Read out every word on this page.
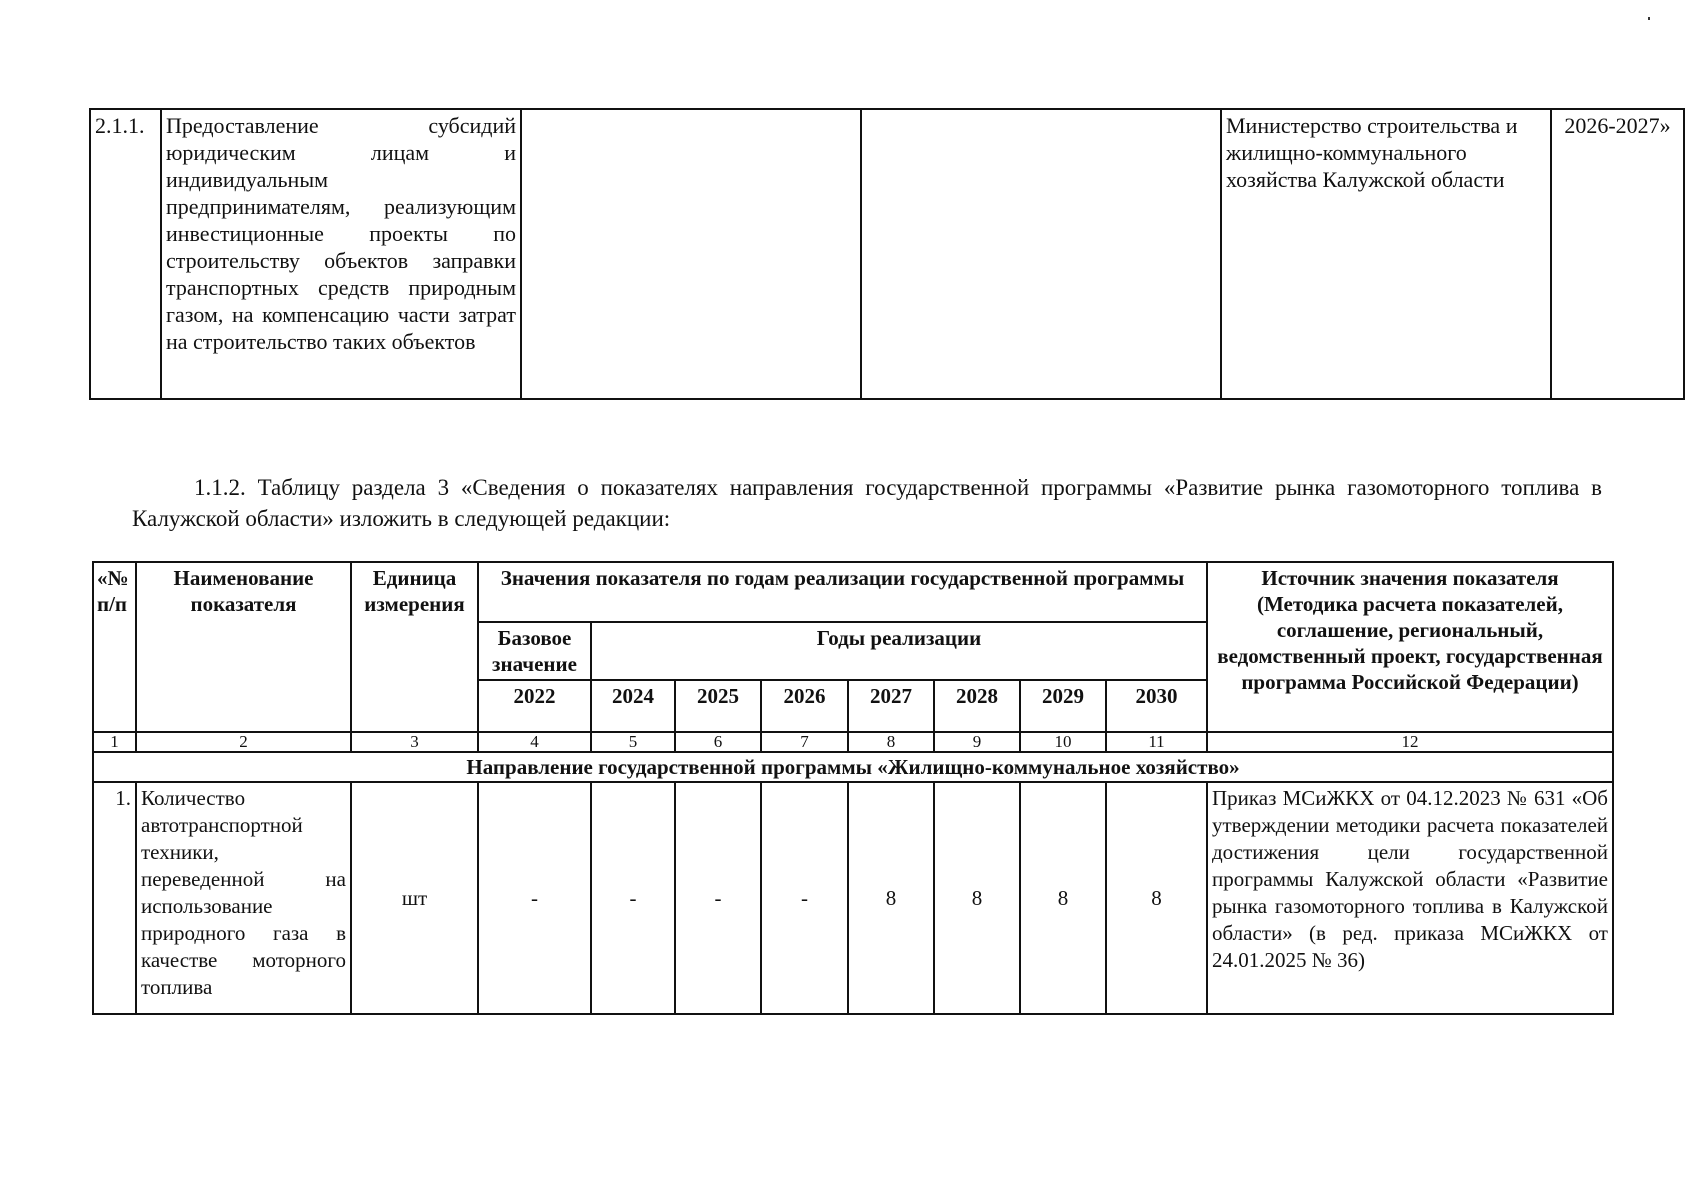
2.1.1.	Предоставление субсидий юридическим лицам и индивидуальным предпринимателям, реализующим инвестиционные проекты по строительству объектов заправки транспортных средств природным газом, на компенсацию части затрат на строительство таких объектов			Министерство строительства и жилищно-коммунального хозяйства Калужской области	2026-2027»
1.1.2. Таблицу раздела 3 «Сведения о показателях направления государственной программы «Развитие рынка газомоторного топлива в Калужской области» изложить в следующей редакции:
«№ п/п	Наименование показателя	Единица измерения	Значения показателя по годам реализации государственной программы								Источник значения показателя (Методика расчета показателей, соглашение, региональный, ведомственный проект, государственная программа Российской Федерации)
			Базовое значение	Годы реализации							
			2022	2024	2025	2026	2027	2028	2029	2030	
1	2	3	4	5	6	7	8	9	10	11	12
Направление государственной программы «Жилищно-коммунальное хозяйство»											
1.	Количество автотранспортной техники, переведенной на использование природного газа в качестве моторного топлива	шт	-	-	-	-	8	8	8	8	Приказ МСиЖКХ от 04.12.2023 № 631 «Об утверждении методики расчета показателей достижения цели государственной программы Калужской области «Развитие рынка газомоторного топлива в Калужской области» (в ред. приказа МСиЖКХ от 24.01.2025 № 36)
